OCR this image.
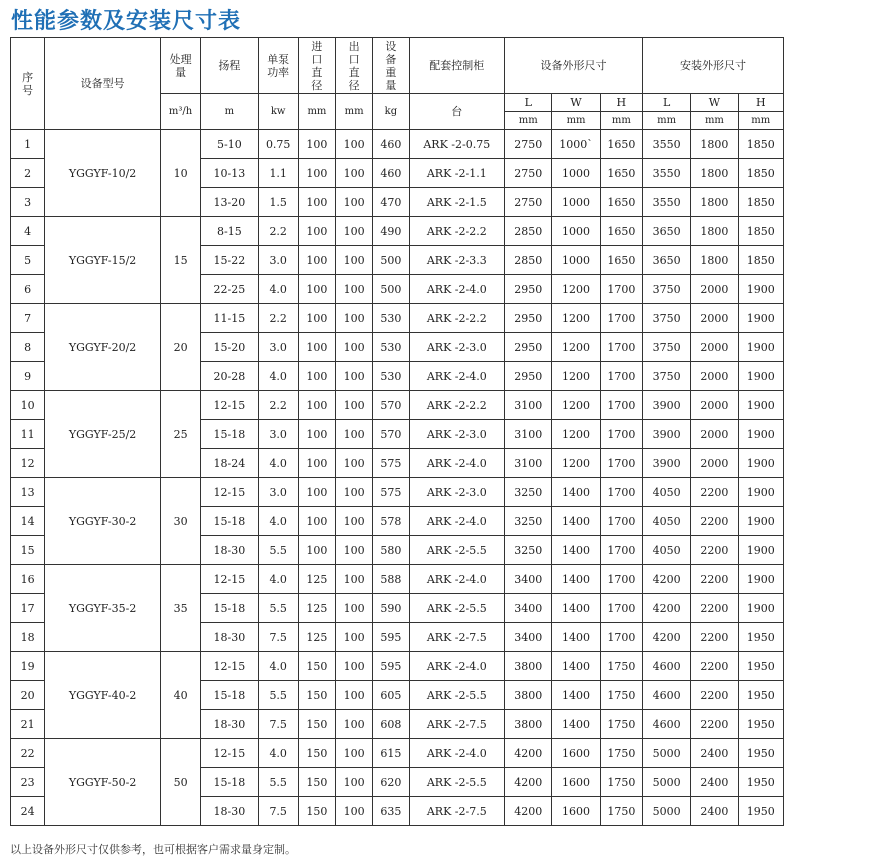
性能参数及安装尺寸表
序号	设备型号	处理量	扬程	单泵功率	进口直径	出口直径	设备重量	配套控制柜	设备外形尺寸			安装外形尺寸		
		m³/h	m	kw	mm	mm	kg	台	L	W	H	L	W	H
									mm	mm	mm	mm	mm	mm
1	YGGYF-10/2	10	5-10	0.75	100	100	460	ARK -2-0.75	2750	1000`	1650	3550	1800	1850
2			10-13	1.1	100	100	460	ARK -2-1.1	2750	1000	1650	3550	1800	1850
3			13-20	1.5	100	100	470	ARK -2-1.5	2750	1000	1650	3550	1800	1850
4	YGGYF-15/2	15	8-15	2.2	100	100	490	ARK -2-2.2	2850	1000	1650	3650	1800	1850
5			15-22	3.0	100	100	500	ARK -2-3.3	2850	1000	1650	3650	1800	1850
6			22-25	4.0	100	100	500	ARK -2-4.0	2950	1200	1700	3750	2000	1900
7	YGGYF-20/2	20	11-15	2.2	100	100	530	ARK -2-2.2	2950	1200	1700	3750	2000	1900
8			15-20	3.0	100	100	530	ARK -2-3.0	2950	1200	1700	3750	2000	1900
9			20-28	4.0	100	100	530	ARK -2-4.0	2950	1200	1700	3750	2000	1900
10	YGGYF-25/2	25	12-15	2.2	100	100	570	ARK -2-2.2	3100	1200	1700	3900	2000	1900
11			15-18	3.0	100	100	570	ARK -2-3.0	3100	1200	1700	3900	2000	1900
12			18-24	4.0	100	100	575	ARK -2-4.0	3100	1200	1700	3900	2000	1900
13	YGGYF-30-2	30	12-15	3.0	100	100	575	ARK -2-3.0	3250	1400	1700	4050	2200	1900
14			15-18	4.0	100	100	578	ARK -2-4.0	3250	1400	1700	4050	2200	1900
15			18-30	5.5	100	100	580	ARK -2-5.5	3250	1400	1700	4050	2200	1900
16	YGGYF-35-2	35	12-15	4.0	125	100	588	ARK -2-4.0	3400	1400	1700	4200	2200	1900
17			15-18	5.5	125	100	590	ARK -2-5.5	3400	1400	1700	4200	2200	1900
18			18-30	7.5	125	100	595	ARK -2-7.5	3400	1400	1700	4200	2200	1950
19	YGGYF-40-2	40	12-15	4.0	150	100	595	ARK -2-4.0	3800	1400	1750	4600	2200	1950
20			15-18	5.5	150	100	605	ARK -2-5.5	3800	1400	1750	4600	2200	1950
21			18-30	7.5	150	100	608	ARK -2-7.5	3800	1400	1750	4600	2200	1950
22	YGGYF-50-2	50	12-15	4.0	150	100	615	ARK -2-4.0	4200	1600	1750	5000	2400	1950
23			15-18	5.5	150	100	620	ARK -2-5.5	4200	1600	1750	5000	2400	1950
24			18-30	7.5	150	100	635	ARK -2-7.5	4200	1600	1750	5000	2400	1950
以上设备外形尺寸仅供参考，也可根据客户需求量身定制。
